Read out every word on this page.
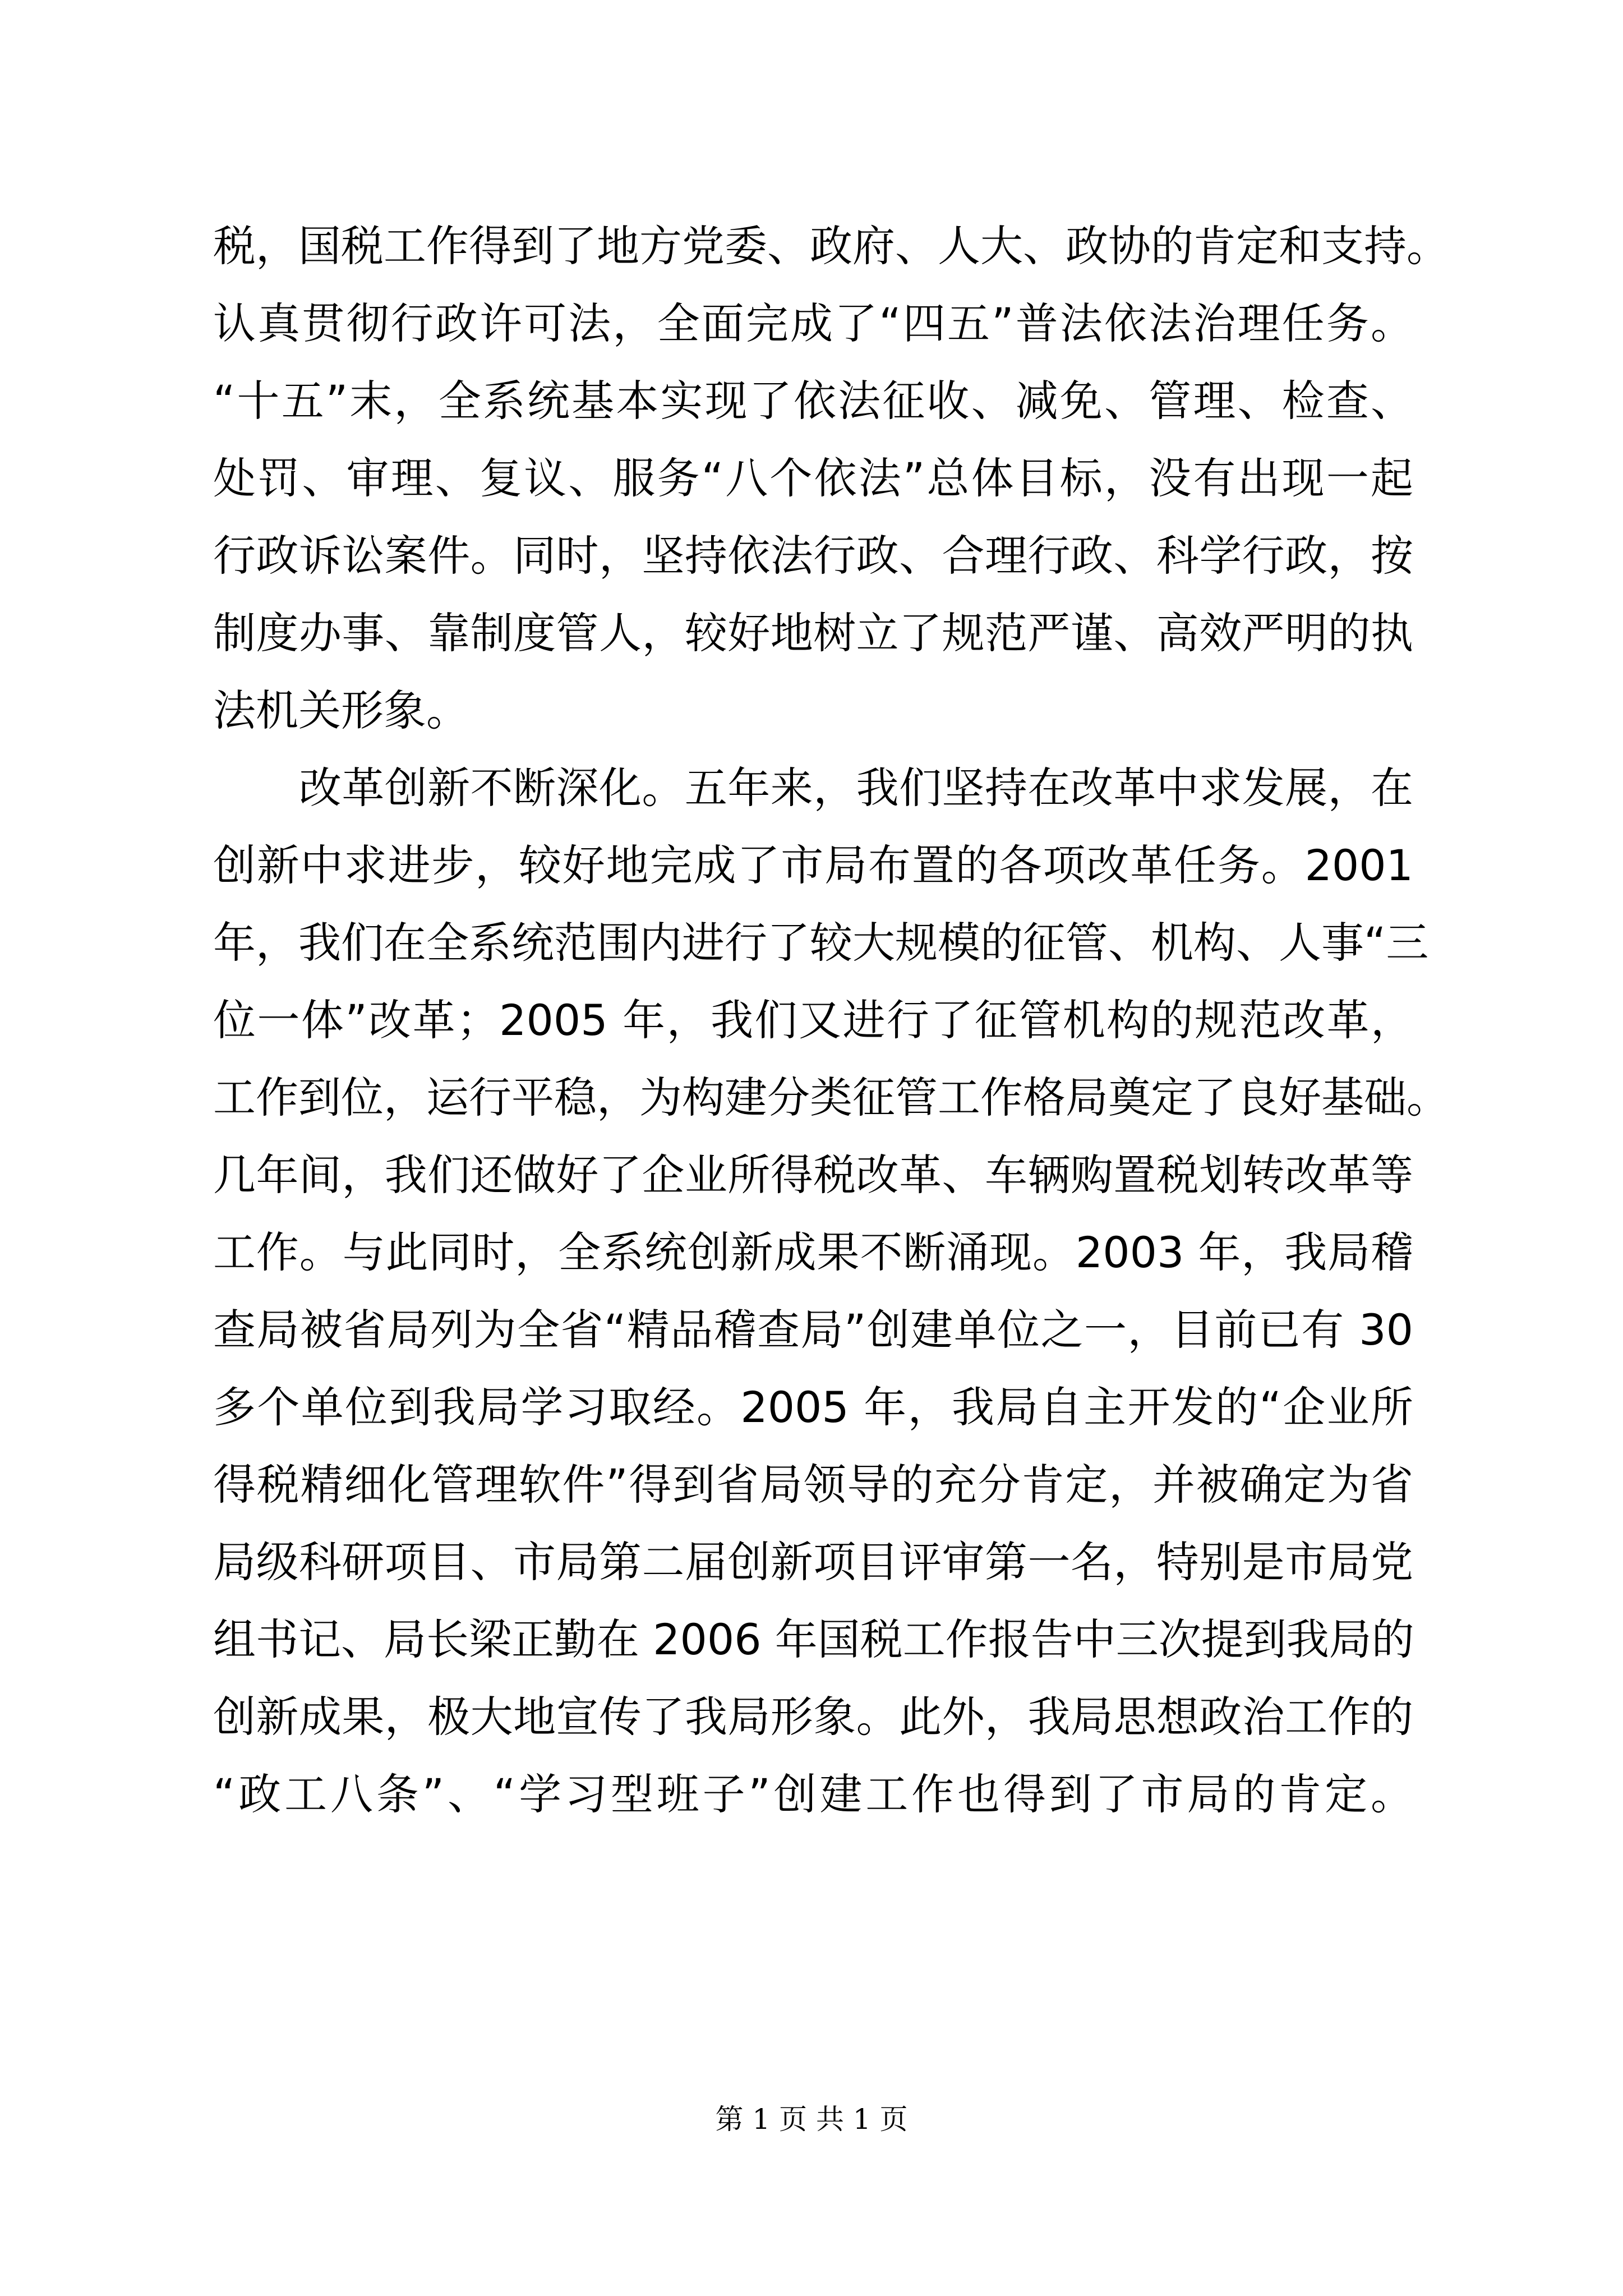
税，国税工作得到了地方党委、政府、人大、政协的肯定和支持。
认真贯彻行政许可法，全面完成了“四五”普法依法治理任务。
“十五”末，全系统基本实现了依法征收、减免、管理、检查、
处罚、审理、复议、服务“八个依法”总体目标，没有出现一起
行政诉讼案件。同时，坚持依法行政、合理行政、科学行政，按
制度办事、靠制度管人，较好地树立了规范严谨、高效严明的执
法机关形象。
　　改革创新不断深化。五年来，我们坚持在改革中求发展，在
创新中求进步，较好地完成了市局布置的各项改革任务。2001
年，我们在全系统范围内进行了较大规模的征管、机构、人事“三
位一体”改革；2005 年，我们又进行了征管机构的规范改革，
工作到位，运行平稳，为构建分类征管工作格局奠定了良好基础。
几年间，我们还做好了企业所得税改革、车辆购置税划转改革等
工作。与此同时，全系统创新成果不断涌现。2003 年，我局稽
查局被省局列为全省“精品稽查局”创建单位之一，目前已有 30
多个单位到我局学习取经。2005 年，我局自主开发的“企业所
得税精细化管理软件”得到省局领导的充分肯定，并被确定为省
局级科研项目、市局第二届创新项目评审第一名，特别是市局党
组书记、局长梁正勤在 2006 年国税工作报告中三次提到我局的
创新成果，极大地宣传了我局形象。此外，我局思想政治工作的
“政工八条”、“学习型班子”创建工作也得到了市局的肯定。
第 1 页 共 1 页
